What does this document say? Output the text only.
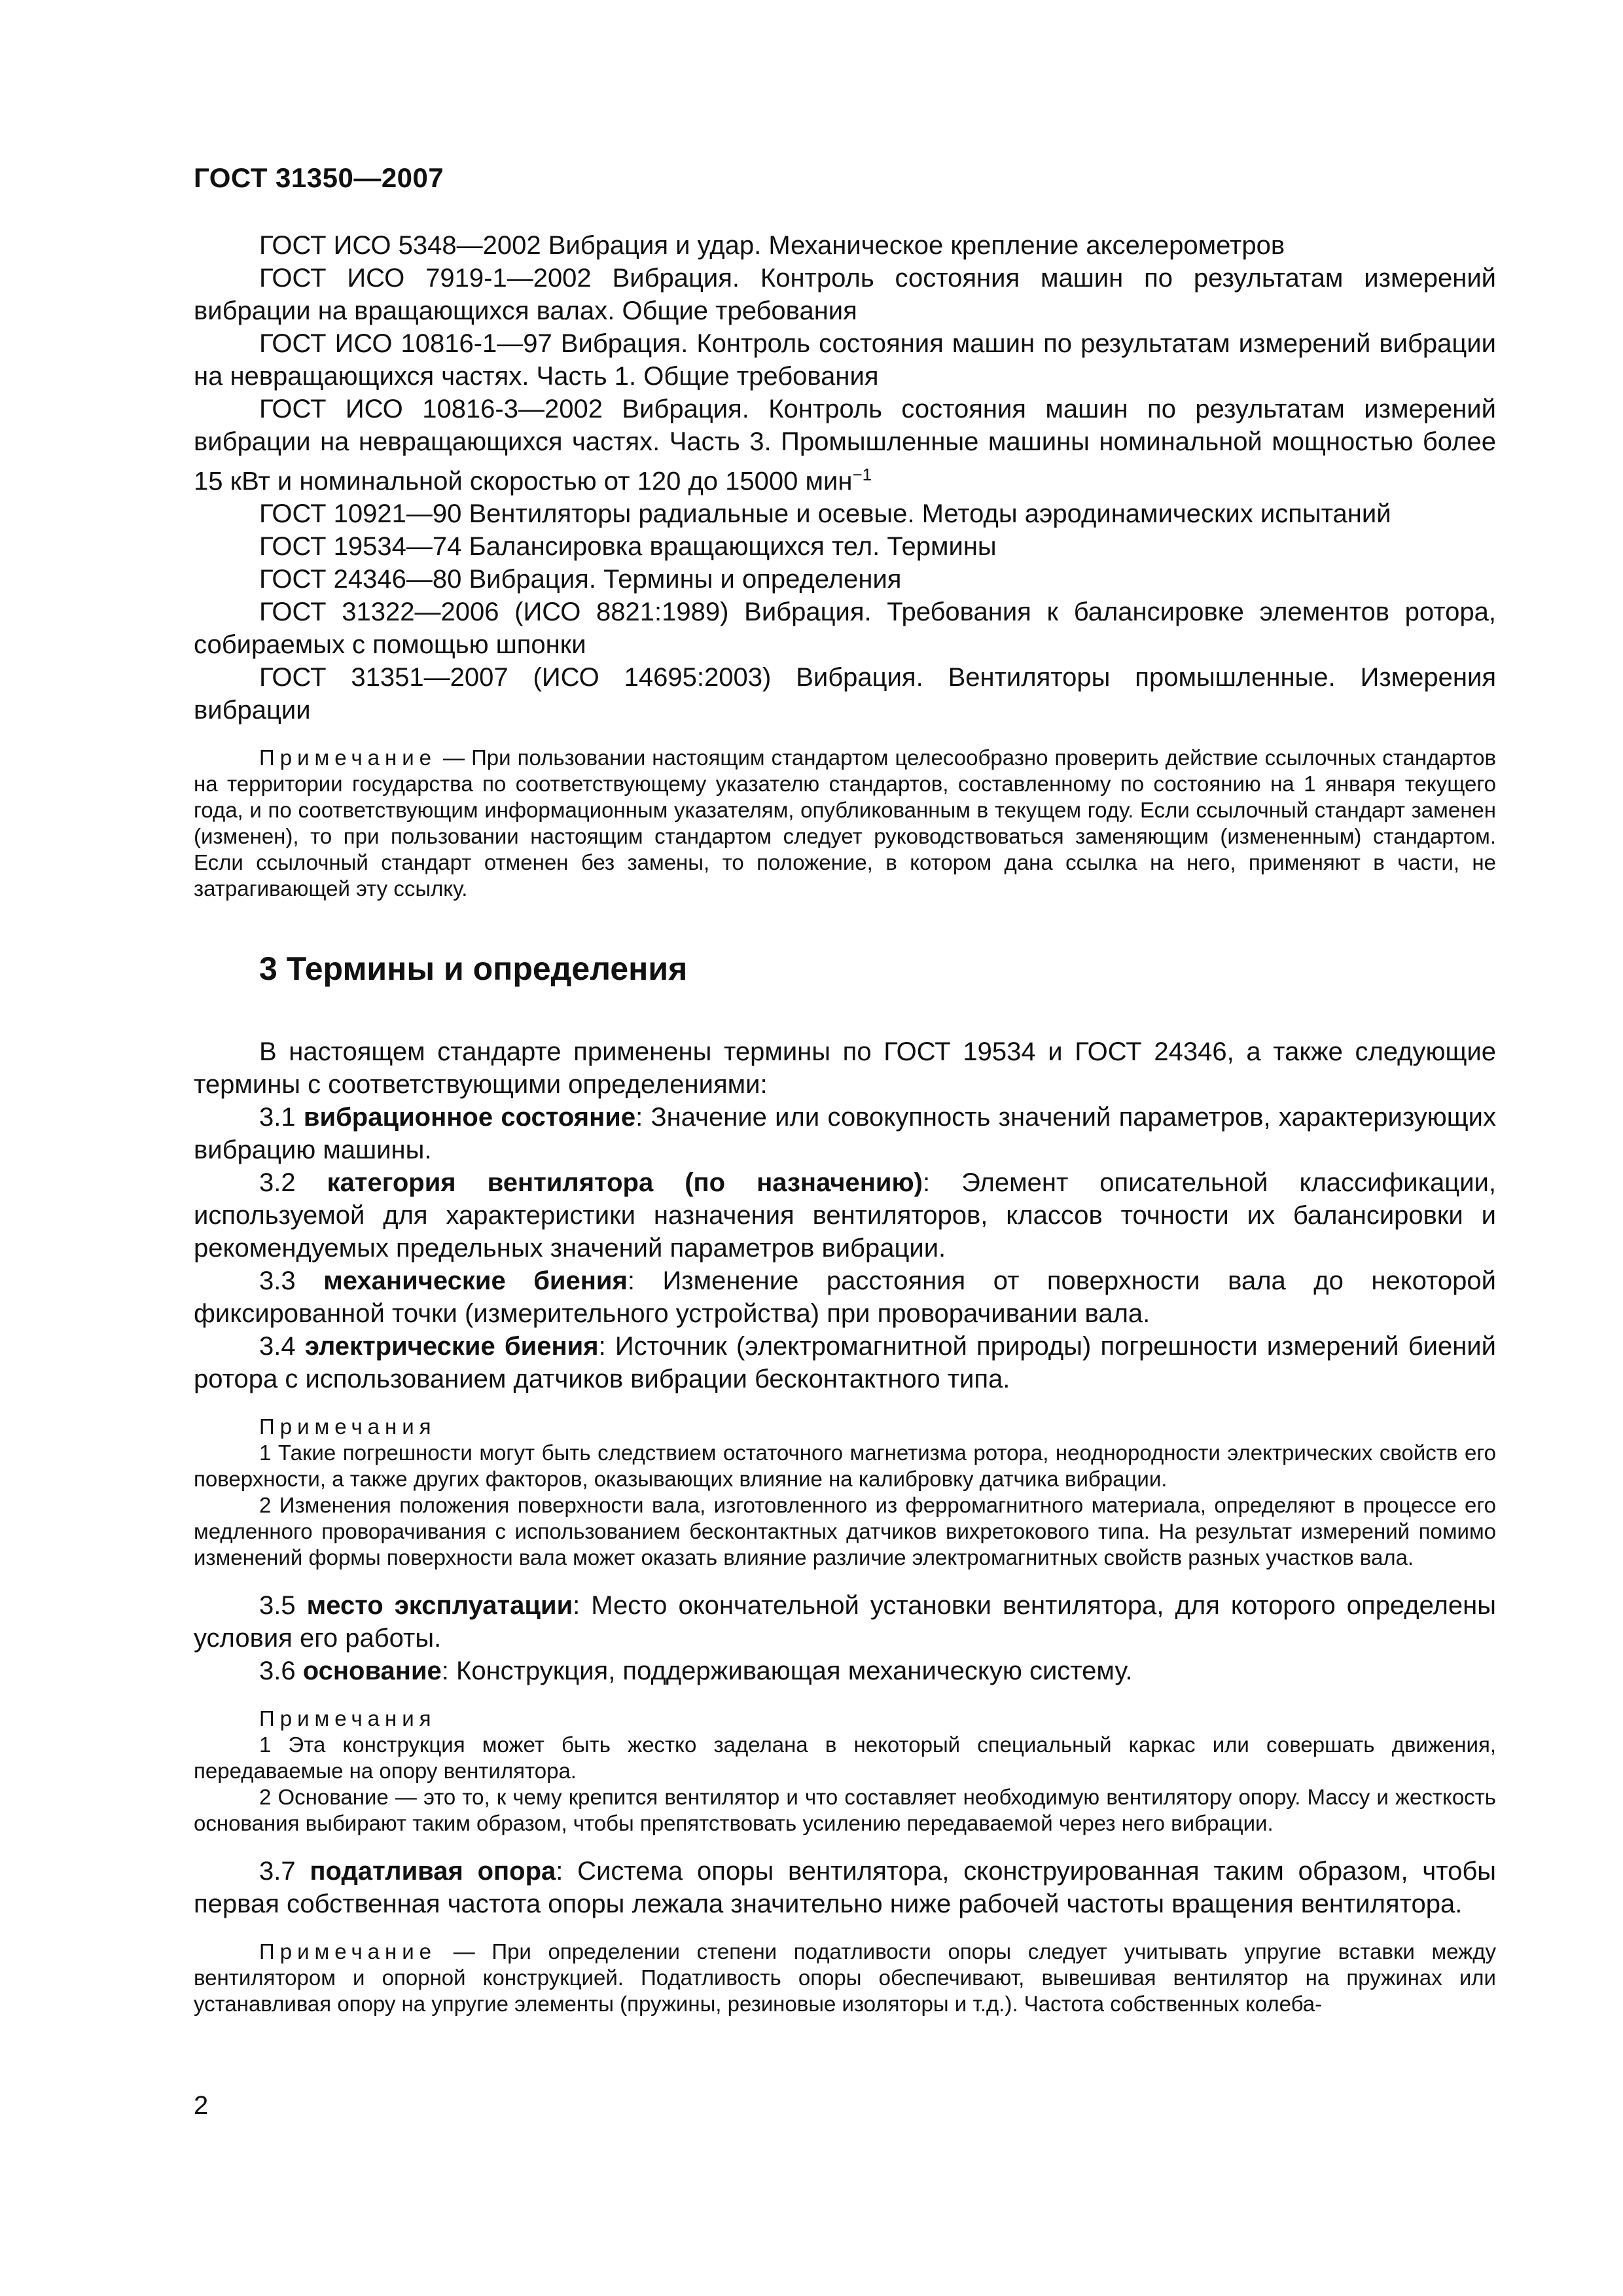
ГОСТ 31350—2007

ГОСТ ИСО 5348—2002 Вибрация и удар. Механическое крепление акселерометров

ГОСТ ИСО 7919-1—2002 Вибрация. Контроль состояния машин по результатам измерений вибрации на вращающихся валах. Общие требования

ГОСТ ИСО 10816-1—97 Вибрация. Контроль состояния машин по результатам измерений вибрации на невращающихся частях. Часть 1. Общие требования

ГОСТ ИСО 10816-3—2002 Вибрация. Контроль состояния машин по результатам измерений вибрации на невращающихся частях. Часть 3. Промышленные машины номинальной мощностью более 15 кВт и номинальной скоростью от 120 до 15000 мин$^{-1}$

ГОСТ 10921—90 Вентиляторы радиальные и осевые. Методы аэродинамических испытаний

ГОСТ 19534—74 Балансировка вращающихся тел. Термины

ГОСТ 24346—80 Вибрация. Термины и определения

ГОСТ 31322—2006 (ИСО 8821:1989) Вибрация. Требования к балансировке элементов ротора, собираемых с помощью шпонки

ГОСТ 31351—2007 (ИСО 14695:2003) Вибрация. Вентиляторы промышленные. Измерения вибрации

Примечание — При пользовании настоящим стандартом целесообразно проверить действие ссылочных стандартов на территории государства по соответствующему указателю стандартов, составленному по состоянию на 1 января текущего года, и по соответствующим информационным указателям, опубликованным в текущем году. Если ссылочный стандарт заменен (изменен), то при пользовании настоящим стандартом следует руководствоваться заменяющим (измененным) стандартом. Если ссылочный стандарт отменен без замены, то положение, в котором дана ссылка на него, применяют в части, не затрагивающей эту ссылку.

3 Термины и определения

В настоящем стандарте применены термины по ГОСТ 19534 и ГОСТ 24346, а также следующие термины с соответствующими определениями:

3.1 вибрационное состояние: Значение или совокупность значений параметров, характеризующих вибрацию машины.

3.2 категория вентилятора (по назначению): Элемент описательной классификации, используемой для характеристики назначения вентиляторов, классов точности их балансировки и рекомендуемых предельных значений параметров вибрации.

3.3 механические биения: Изменение расстояния от поверхности вала до некоторой фиксированной точки (измерительного устройства) при проворачивании вала.

3.4 электрические биения: Источник (электромагнитной природы) погрешности измерений биений ротора с использованием датчиков вибрации бесконтактного типа.

Примечания

1 Такие погрешности могут быть следствием остаточного магнетизма ротора, неоднородности электрических свойств его поверхности, а также других факторов, оказывающих влияние на калибровку датчика вибрации.

2 Изменения положения поверхности вала, изготовленного из ферромагнитного материала, определяют в процессе его медленного проворачивания с использованием бесконтактных датчиков вихретокового типа. На результат измерений помимо изменений формы поверхности вала может оказать влияние различие электромагнитных свойств разных участков вала.

3.5 место эксплуатации: Место окончательной установки вентилятора, для которого определены условия его работы.

3.6 основание: Конструкция, поддерживающая механическую систему.

Примечания

1 Эта конструкция может быть жестко заделана в некоторый специальный каркас или совершать движения, передаваемые на опору вентилятора.

2 Основание — это то, к чему крепится вентилятор и что составляет необходимую вентилятору опору. Массу и жесткость основания выбирают таким образом, чтобы препятствовать усилению передаваемой через него вибрации.

3.7 податливая опора: Система опоры вентилятора, сконструированная таким образом, чтобы первая собственная частота опоры лежала значительно ниже рабочей частоты вращения вентилятора.

Примечание — При определении степени податливости опоры следует учитывать упругие вставки между вентилятором и опорной конструкцией. Податливость опоры обеспечивают, вывешивая вентилятор на пружинах или устанавливая опору на упругие элементы (пружины, резиновые изоляторы и т.д.). Частота собственных колеба-

2
